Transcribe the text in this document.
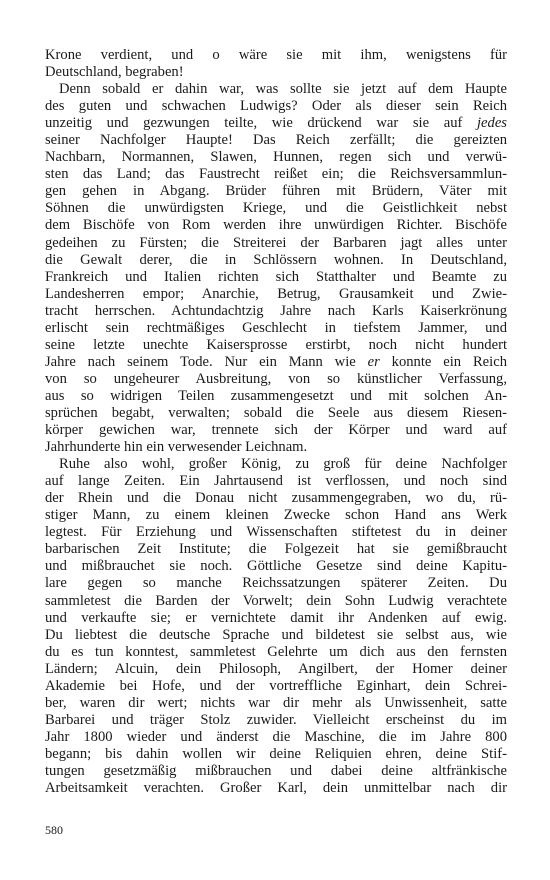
Krone verdient, und o wäre sie mit ihm, wenigstens für
Deutschland, begraben!
Denn sobald er dahin war, was sollte sie jetzt auf dem Haupte
des guten und schwachen Ludwigs? Oder als dieser sein Reich
unzeitig und gezwungen teilte, wie drückend war sie auf jedes
seiner Nachfolger Haupte! Das Reich zerfällt; die gereizten
Nachbarn, Normannen, Slawen, Hunnen, regen sich und verwü-
sten das Land; das Faustrecht reißet ein; die Reichsversammlun-
gen gehen in Abgang. Brüder führen mit Brüdern, Väter mit
Söhnen die unwürdigsten Kriege, und die Geistlichkeit nebst
dem Bischöfe von Rom werden ihre unwürdigen Richter. Bischöfe
gedeihen zu Fürsten; die Streiterei der Barbaren jagt alles unter
die Gewalt derer, die in Schlössern wohnen. In Deutschland,
Frankreich und Italien richten sich Statthalter und Beamte zu
Landesherren empor; Anarchie, Betrug, Grausamkeit und Zwie-
tracht herrschen. Achtundachtzig Jahre nach Karls Kaiserkrönung
erlischt sein rechtmäßiges Geschlecht in tiefstem Jammer, und
seine letzte unechte Kaisersprosse erstirbt, noch nicht hundert
Jahre nach seinem Tode. Nur ein Mann wie er konnte ein Reich
von so ungeheurer Ausbreitung, von so künstlicher Verfassung,
aus so widrigen Teilen zusammengesetzt und mit solchen An-
sprüchen begabt, verwalten; sobald die Seele aus diesem Riesen-
körper gewichen war, trennete sich der Körper und ward auf
Jahrhunderte hin ein verwesender Leichnam.
Ruhe also wohl, großer König, zu groß für deine Nachfolger
auf lange Zeiten. Ein Jahrtausend ist verflossen, und noch sind
der Rhein und die Donau nicht zusammengegraben, wo du, rü-
stiger Mann, zu einem kleinen Zwecke schon Hand ans Werk
legtest. Für Erziehung und Wissenschaften stiftetest du in deiner
barbarischen Zeit Institute; die Folgezeit hat sie gemißbraucht
und mißbrauchet sie noch. Göttliche Gesetze sind deine Kapitu-
lare gegen so manche Reichssatzungen späterer Zeiten. Du
sammletest die Barden der Vorwelt; dein Sohn Ludwig verachtete
und verkaufte sie; er vernichtete damit ihr Andenken auf ewig.
Du liebtest die deutsche Sprache und bildetest sie selbst aus, wie
du es tun konntest, sammletest Gelehrte um dich aus den fernsten
Ländern; Alcuin, dein Philosoph, Angilbert, der Homer deiner
Akademie bei Hofe, und der vortreffliche Eginhart, dein Schrei-
ber, waren dir wert; nichts war dir mehr als Unwissenheit, satte
Barbarei und träger Stolz zuwider. Vielleicht erscheinst du im
Jahr 1800 wieder und änderst die Maschine, die im Jahre 800
begann; bis dahin wollen wir deine Reliquien ehren, deine Stif-
tungen gesetzmäßig mißbrauchen und dabei deine altfränkische
Arbeitsamkeit verachten. Großer Karl, dein unmittelbar nach dir
580
